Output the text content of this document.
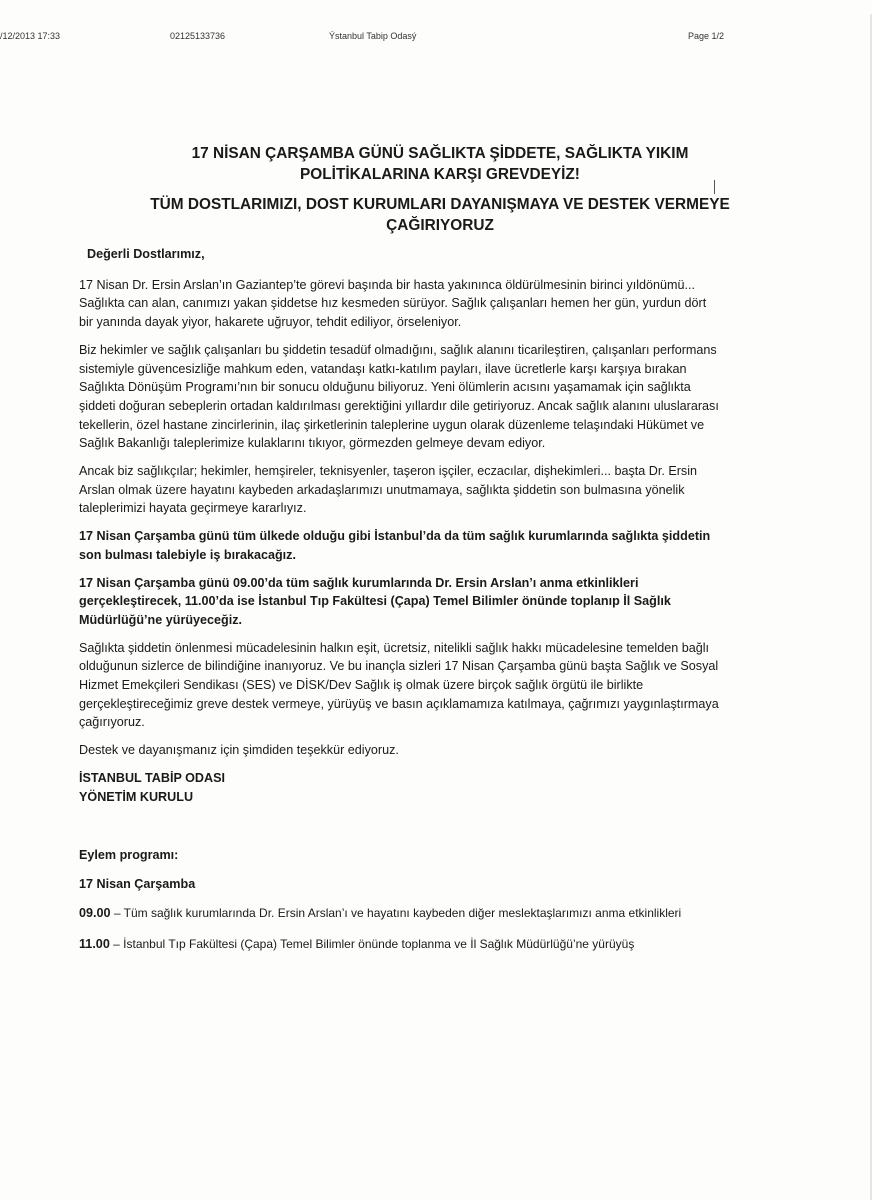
/12/2013 17:33	02125133736	Ýstanbul Tabip Odasý	Page 1/2
17 NİSAN ÇARŞAMBA GÜNÜ SAĞLIKTA ŞİDDETE, SAĞLIKTA YIKIM
POLİTİKALARINA KARŞI GREVDEYİZ!
TÜM DOSTLARIMIZI, DOST KURUMLARI DAYANIŞMAYA VE DESTEK VERMEYE
ÇAĞIRIYORUZ

Değerli Dostlarımız,

17 Nisan Dr. Ersin Arslan’ın Gaziantep’te görevi başında bir hasta yakınınca öldürülmesinin birinci yıldönümü... Sağlıkta can alan, canımızı yakan şiddetse hız kesmeden sürüyor. Sağlık çalışanları hemen her gün, yurdun dört bir yanında dayak yiyor, hakarete uğruyor, tehdit ediliyor, örseleniyor.

Biz hekimler ve sağlık çalışanları bu şiddetin tesadüf olmadığını, sağlık alanını ticarileştiren, çalışanları performans sistemiyle güvencesizliğe mahkum eden, vatandaşı katkı-katılım payları, ilave ücretlerle karşı karşıya bırakan Sağlıkta Dönüşüm Programı’nın bir sonucu olduğunu biliyoruz. Yeni ölümlerin acısını yaşamamak için sağlıkta şiddeti doğuran sebeplerin ortadan kaldırılması gerektiğini yıllardır dile getiriyoruz. Ancak sağlık alanını uluslararası tekellerin, özel hastane zincirlerinin, ilaç şirketlerinin taleplerine uygun olarak düzenleme telaşındaki Hükümet ve Sağlık Bakanlığı taleplerimize kulaklarını tıkıyor, görmezden gelmeye devam ediyor.

Ancak biz sağlıkçılar; hekimler, hemşireler, teknisyenler, taşeron işçiler, eczacılar, dişhekimleri... başta Dr. Ersin Arslan olmak üzere hayatını kaybeden arkadaşlarımızı unutmamaya, sağlıkta şiddetin son bulmasına yönelik taleplerimizi hayata geçirmeye kararlıyız.

17 Nisan Çarşamba günü tüm ülkede olduğu gibi İstanbul’da da tüm sağlık kurumlarında sağlıkta şiddetin son bulması talebiyle iş bırakacağız.

17 Nisan Çarşamba günü 09.00’da tüm sağlık kurumlarında Dr. Ersin Arslan’ı anma etkinlikleri gerçekleştirecek, 11.00’da ise İstanbul Tıp Fakültesi (Çapa) Temel Bilimler önünde toplanıp İl Sağlık Müdürlüğü’ne yürüyeceğiz.

Sağlıkta şiddetin önlenmesi mücadelesinin halkın eşit, ücretsiz, nitelikli sağlık hakkı mücadelesine temelden bağlı olduğunun sizlerce de bilindiğine inanıyoruz. Ve bu inançla sizleri 17 Nisan Çarşamba günü başta Sağlık ve Sosyal Hizmet Emekçileri Sendikası (SES) ve DİSK/Dev Sağlık iş olmak üzere birçok sağlık örgütü ile birlikte gerçekleştireceğimiz greve destek vermeye, yürüyüş ve basın açıklamamıza katılmaya, çağrımızı yaygınlaştırmaya çağırıyoruz.

Destek ve dayanışmanız için şimdiden teşekkür ediyoruz.

İSTANBUL TABİP ODASI

YÖNETİM KURULU

Eylem programı:

17 Nisan Çarşamba

09.00 – Tüm sağlık kurumlarında Dr. Ersin Arslan’ı ve hayatını kaybeden diğer meslektaşlarımızı anma etkinlikleri

11.00 – İstanbul Tıp Fakültesi (Çapa) Temel Bilimler önünde toplanma ve İl Sağlık Müdürlüğü’ne yürüyüş
